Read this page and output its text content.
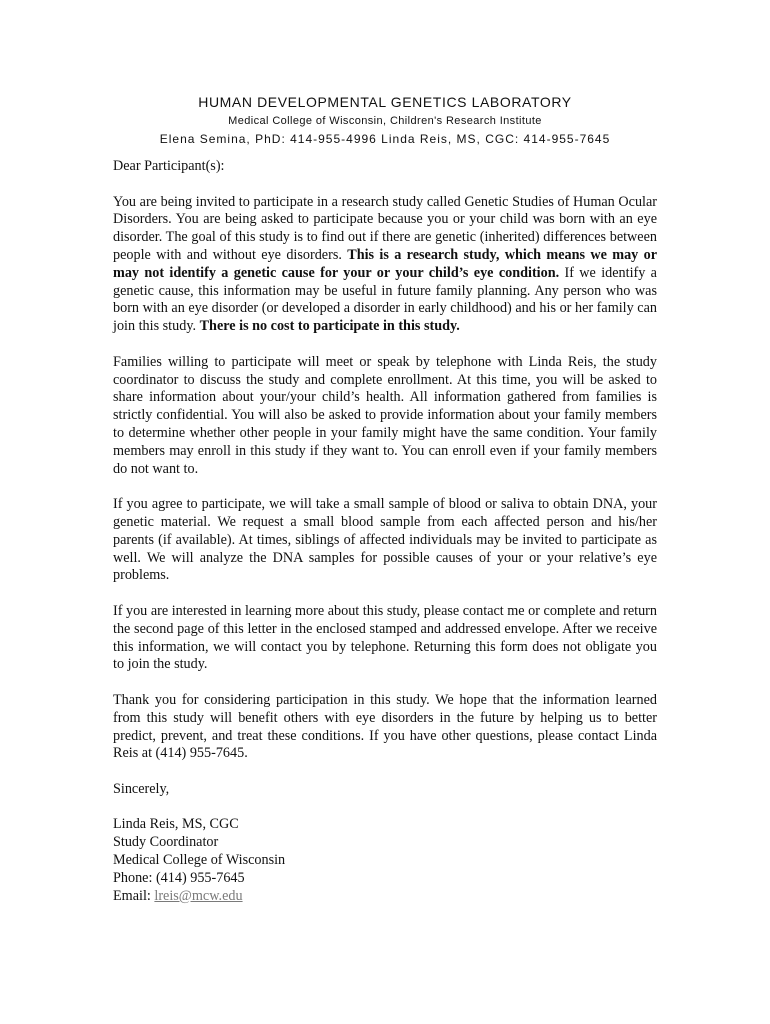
HUMAN DEVELOPMENTAL GENETICS LABORATORY
Medical College of Wisconsin, Children's Research Institute
Elena Semina, PhD: 414-955-4996 Linda Reis, MS, CGC: 414-955-7645

Dear Participant(s):

You are being invited to participate in a research study called Genetic Studies of Human Ocular Disorders. You are being asked to participate because you or your child was born with an eye disorder. The goal of this study is to find out if there are genetic (inherited) differences between people with and without eye disorders. This is a research study, which means we may or may not identify a genetic cause for your or your child’s eye condition. If we identify a genetic cause, this information may be useful in future family planning. Any person who was born with an eye disorder (or developed a disorder in early childhood) and his or her family can join this study. There is no cost to participate in this study.

Families willing to participate will meet or speak by telephone with Linda Reis, the study coordinator to discuss the study and complete enrollment. At this time, you will be asked to share information about your/your child’s health. All information gathered from families is strictly confidential. You will also be asked to provide information about your family members to determine whether other people in your family might have the same condition. Your family members may enroll in this study if they want to. You can enroll even if your family members do not want to.

If you agree to participate, we will take a small sample of blood or saliva to obtain DNA, your genetic material. We request a small blood sample from each affected person and his/her parents (if available). At times, siblings of affected individuals may be invited to participate as well. We will analyze the DNA samples for possible causes of your or your relative’s eye problems.

If you are interested in learning more about this study, please contact me or complete and return the second page of this letter in the enclosed stamped and addressed envelope. After we receive this information, we will contact you by telephone. Returning this form does not obligate you to join the study.

Thank you for considering participation in this study. We hope that the information learned from this study will benefit others with eye disorders in the future by helping us to better predict, prevent, and treat these conditions. If you have other questions, please contact Linda Reis at (414) 955-7645.

Sincerely,

Linda Reis, MS, CGC

Study Coordinator

Medical College of Wisconsin

Phone: (414) 955-7645

Email: lreis@mcw.edu
